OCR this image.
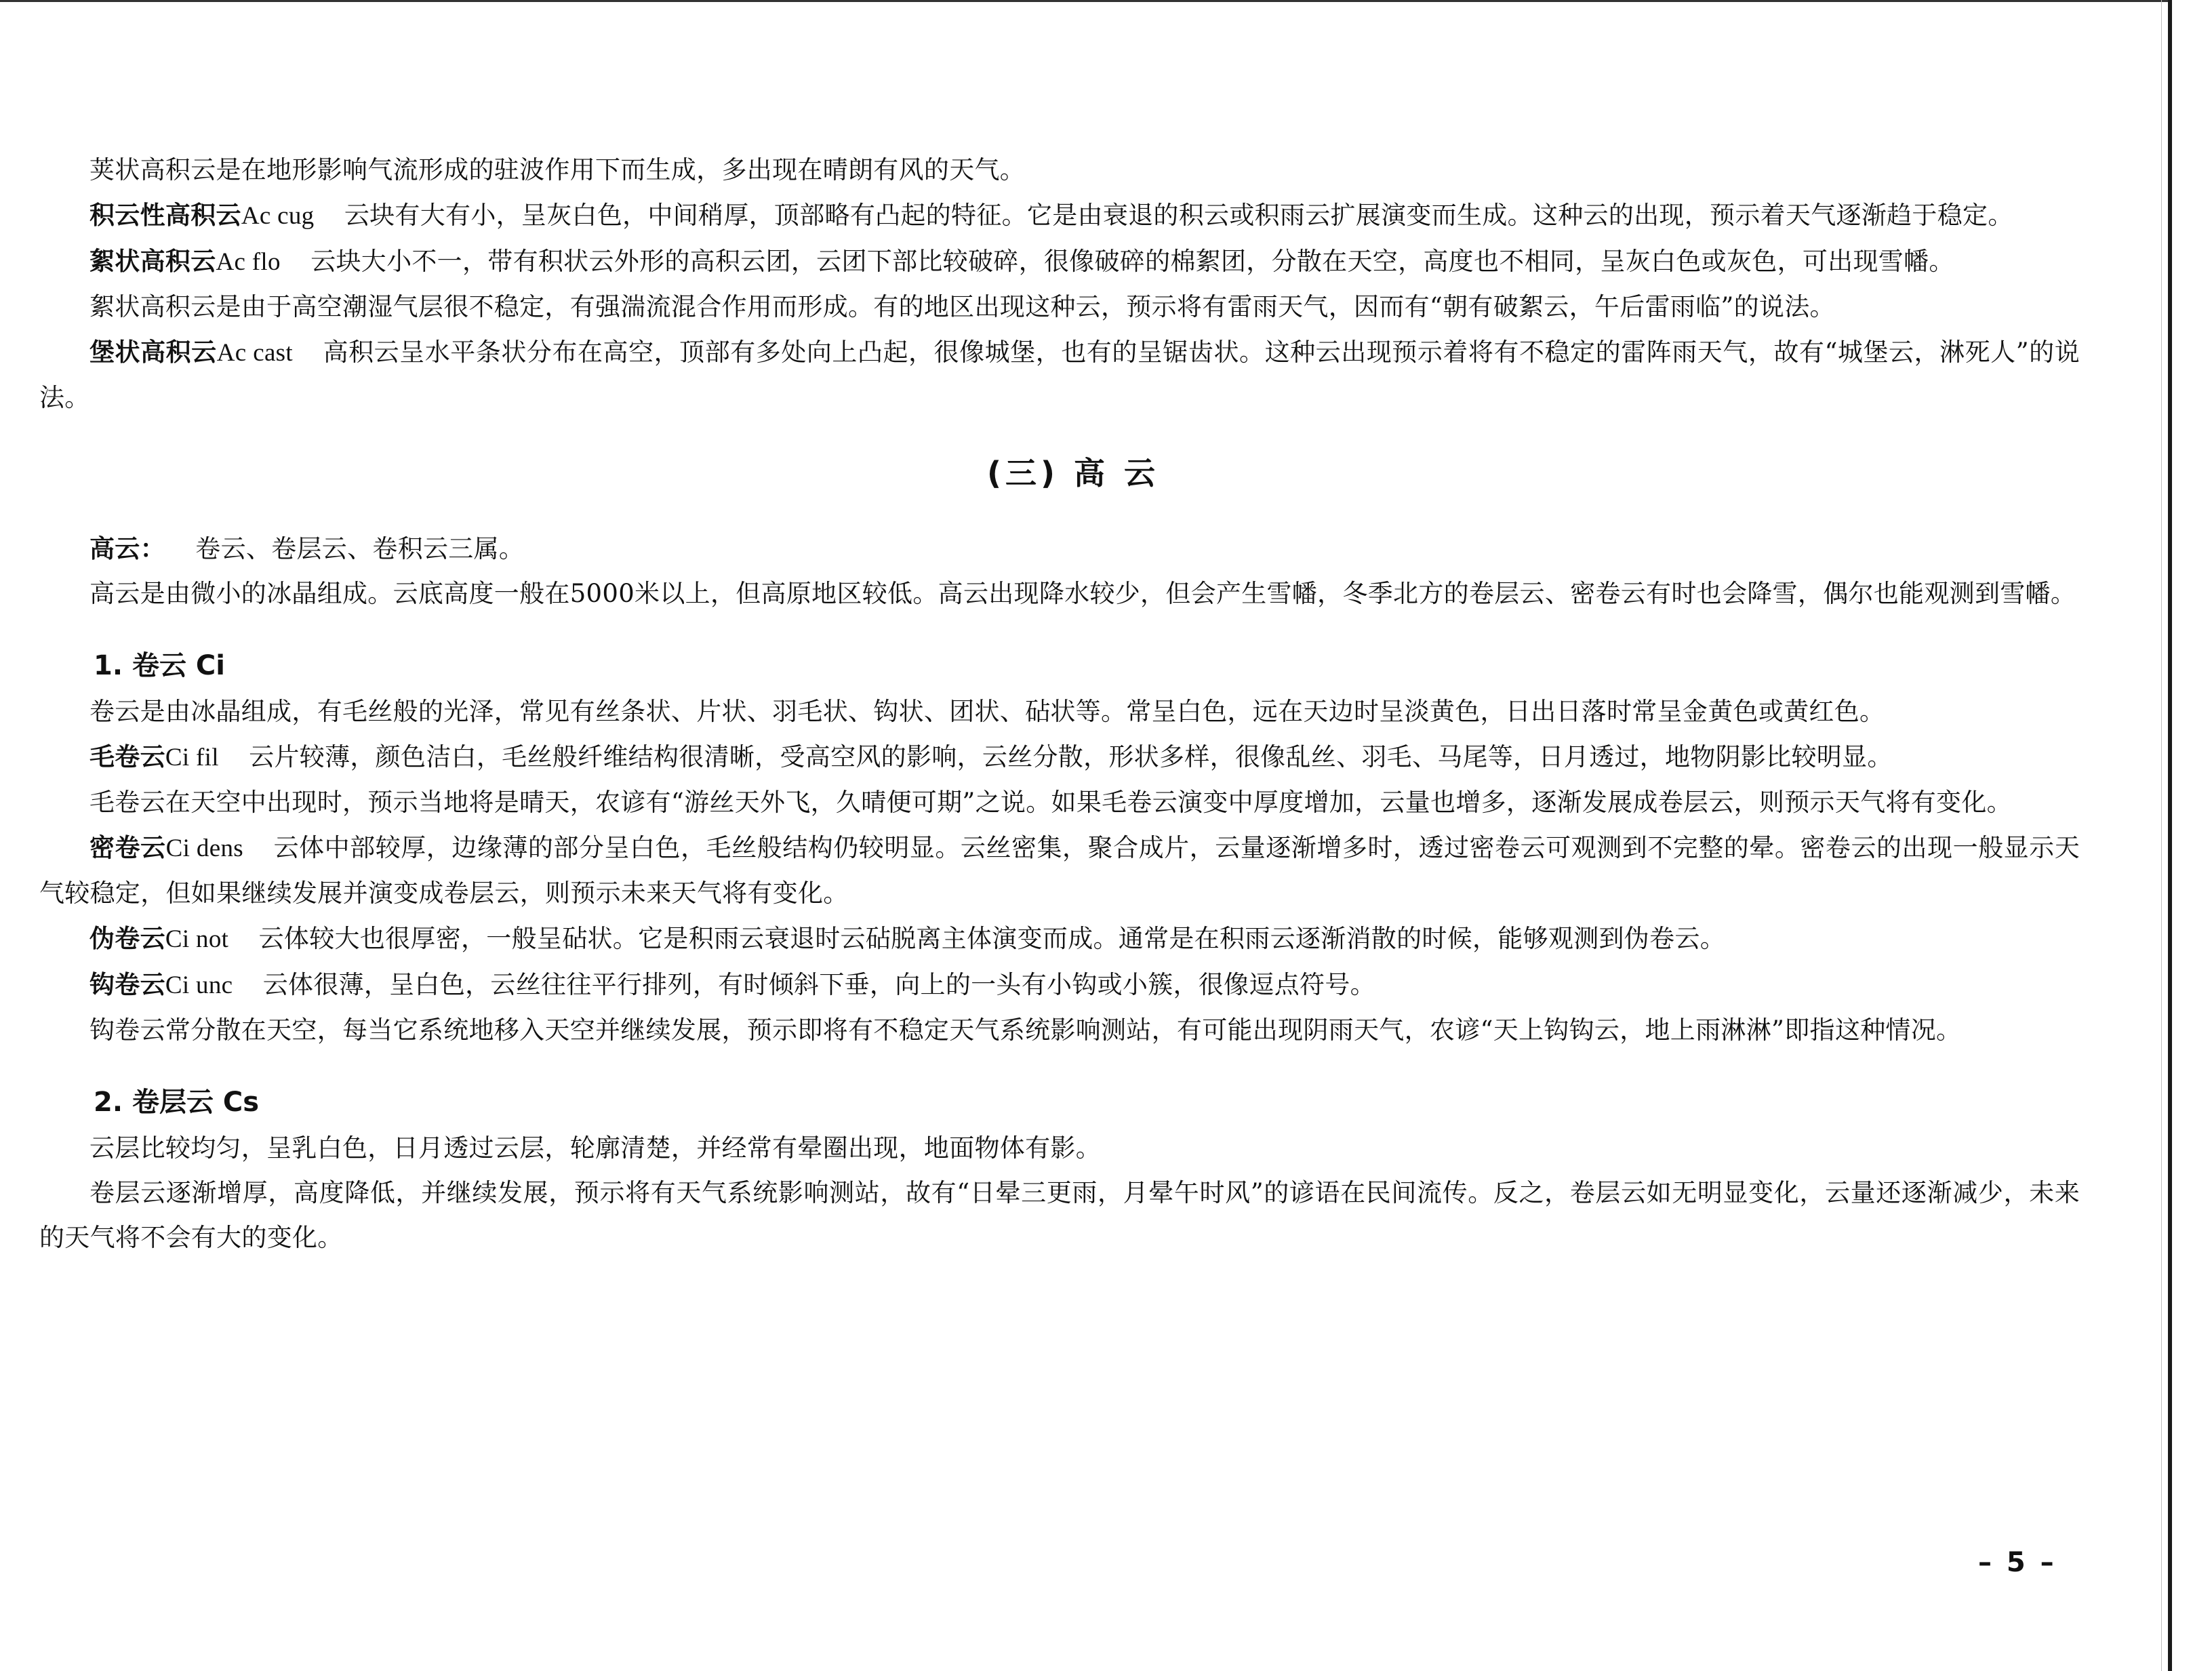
荚状高积云是在地形影响气流形成的驻波作用下而生成，多出现在晴朗有风的天气。

积云性高积云Ac cug 云块有大有小，呈灰白色，中间稍厚，顶部略有凸起的特征。它是由衰退的积云或积雨云扩展演变而生成。这种云的出现，预示着天气逐渐趋于稳定。

絮状高积云Ac flo 云块大小不一，带有积状云外形的高积云团，云团下部比较破碎，很像破碎的棉絮团，分散在天空，高度也不相同，呈灰白色或灰色，可出现雪幡。

絮状高积云是由于高空潮湿气层很不稳定，有强湍流混合作用而形成。有的地区出现这种云，预示将有雷雨天气，因而有“朝有破絮云，午后雷雨临”的说法。

堡状高积云Ac cast 高积云呈水平条状分布在高空，顶部有多处向上凸起，很像城堡，也有的呈锯齿状。这种云出现预示着将有不稳定的雷阵雨天气，故有“城堡云，淋死人”的说法。

(三) 高 云

高云： 卷云、卷层云、卷积云三属。

高云是由微小的冰晶组成。云底高度一般在5000米以上，但高原地区较低。高云出现降水较少，但会产生雪幡，冬季北方的卷层云、密卷云有时也会降雪，偶尔也能观测到雪幡。

1. 卷云 Ci

卷云是由冰晶组成，有毛丝般的光泽，常见有丝条状、片状、羽毛状、钩状、团状、砧状等。常呈白色，远在天边时呈淡黄色，日出日落时常呈金黄色或黄红色。

毛卷云Ci fil 云片较薄，颜色洁白，毛丝般纤维结构很清晰，受高空风的影响，云丝分散，形状多样，很像乱丝、羽毛、马尾等，日月透过，地物阴影比较明显。

毛卷云在天空中出现时，预示当地将是晴天，农谚有“游丝天外飞，久晴便可期”之说。如果毛卷云演变中厚度增加，云量也增多，逐渐发展成卷层云，则预示天气将有变化。

密卷云Ci dens 云体中部较厚，边缘薄的部分呈白色，毛丝般结构仍较明显。云丝密集，聚合成片，云量逐渐增多时，透过密卷云可观测到不完整的晕。密卷云的出现一般显示天气较稳定，但如果继续发展并演变成卷层云，则预示未来天气将有变化。

伪卷云Ci not 云体较大也很厚密，一般呈砧状。它是积雨云衰退时云砧脱离主体演变而成。通常是在积雨云逐渐消散的时候，能够观测到伪卷云。

钩卷云Ci unc 云体很薄，呈白色，云丝往往平行排列，有时倾斜下垂，向上的一头有小钩或小簇，很像逗点符号。

钩卷云常分散在天空，每当它系统地移入天空并继续发展，预示即将有不稳定天气系统影响测站，有可能出现阴雨天气，农谚“天上钩钩云，地上雨淋淋”即指这种情况。

2. 卷层云 Cs

云层比较均匀，呈乳白色，日月透过云层，轮廓清楚，并经常有晕圈出现，地面物体有影。

卷层云逐渐增厚，高度降低，并继续发展，预示将有天气系统影响测站，故有“日晕三更雨，月晕午时风”的谚语在民间流传。反之，卷层云如无明显变化，云量还逐渐减少，未来的天气将不会有大的变化。

– 5 –
